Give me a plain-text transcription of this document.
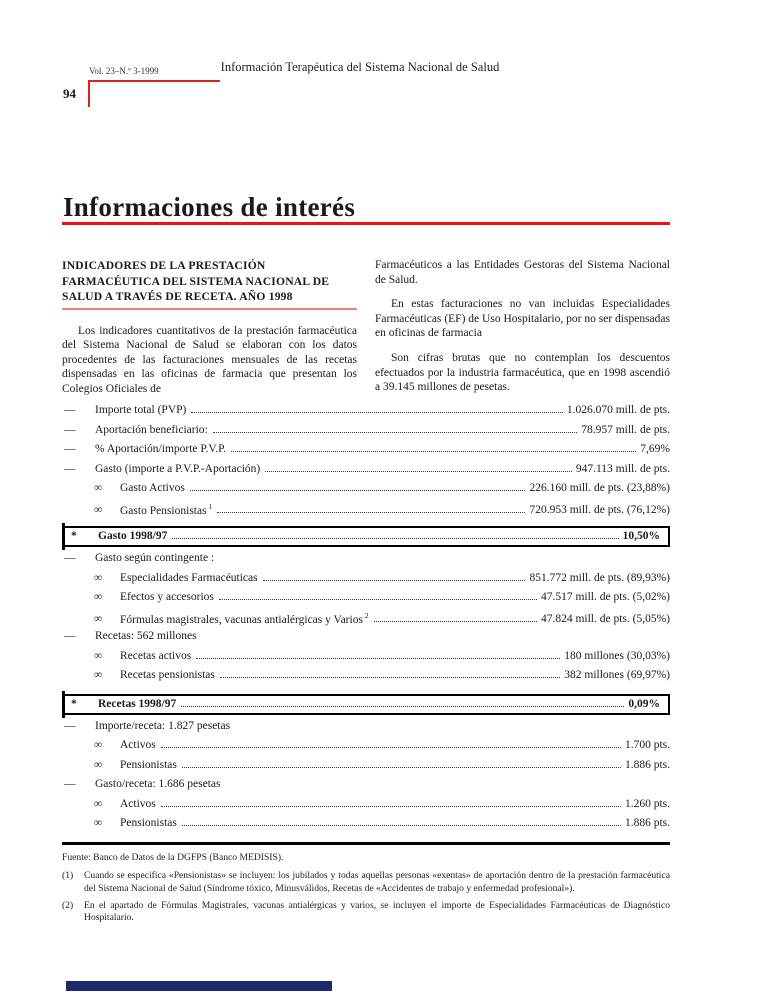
Información Terapéutica del Sistema Nacional de Salud
Vol. 23–N.º 3-1999
94
Informaciones de interés
INDICADORES DE LA PRESTACIÓN FARMACÉUTICA DEL SISTEMA NACIONAL DE SALUD A TRAVÉS DE RECETA. AÑO 1998

Los indicadores cuantitativos de la prestación farmacéutica del Sistema Nacional de Salud se elaboran con los datos procedentes de las facturaciones mensuales de las recetas dispensadas en las oficinas de farmacia que presentan los Colegios Oficiales de

Farmacéuticos a las Entidades Gestoras del Sistema Nacional de Salud.

En estas facturaciones no van incluidas Especialidades Farmacéuticas (EF) de Uso Hospitalario, por no ser dispensadas en oficinas de farmacia

Son cifras brutas que no contemplan los descuentos efectuados por la industria farmacéutica, que en 1998 ascendió a 39.145 millones de pesetas.

—	Importe total (PVP)	1.026.070 mill. de pts.
—	Aportación beneficiario:	78.957 mill. de pts.
—	% Aportación/importe P.V.P.	7,69%
—	Gasto (importe a P.V.P.-Aportación)	947.113 mill. de pts.
∞	Gasto Activos	226.160 mill. de pts. (23,88%)
∞	Gasto Pensionistas $^1$	720.953 mill. de pts. (76,12%)
*	Gasto 1998/97	10,50%
—	Gasto según contingente :
∞	Especialidades Farmacéuticas	851.772 mill. de pts. (89,93%)
∞	Efectos y accesorios	47.517 mill. de pts. (5,02%)
∞	Fórmulas magistrales, vacunas antialérgicas y Varios $^2$	47.824 mill. de pts. (5,05%)
—	Recetas: 562 millones
∞	Recetas activos	180 millones (30,03%)
∞	Recetas pensionistas	382 millones (69,97%)
*	Recetas 1998/97	0,09%
—	Importe/receta: 1.827 pesetas
∞	Activos	1.700 pts.
∞	Pensionistas	1.886 pts.
—	Gasto/receta: 1.686 pesetas
∞	Activos	1.260 pts.
∞	Pensionistas	1.886 pts.

Fuente: Banco de Datos de la DGFPS (Banco MEDISIS).

(1)	Cuando se especifica «Pensionistas» se incluyen: los jubilados y todas aquellas personas «exentas» de aportación dentro de la prestación farmacéutica del Sistema Nacional de Salud (Síndrome tóxico, Minusválidos, Recetas de «Accidentes de trabajo y enfermedad profesional»).
(2)	En el apartado de Fórmulas Magistrales, vacunas antialérgicas y varios, se incluyen el importe de Especialidades Farmacéuticas de Diagnóstico Hospitalario.
